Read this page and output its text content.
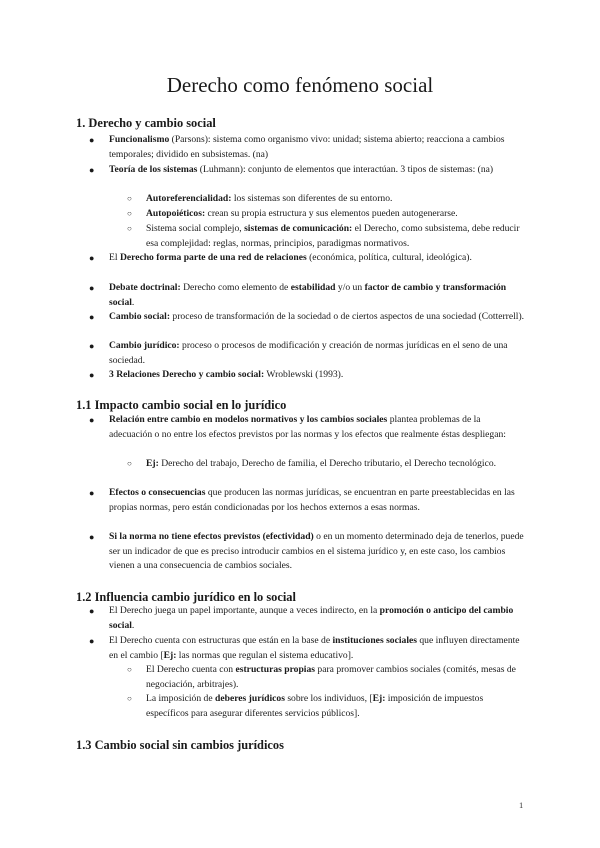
Derecho como fenómeno social
1. Derecho y cambio social

● Funcionalismo (Parsons): sistema como organismo vivo: unidad; sistema abierto; reacciona a cambios temporales; dividido en subsistemas. (na)

● Teoría de los sistemas (Luhmann): conjunto de elementos que interactúan. 3 tipos de sistemas: (na)

○ Autoreferencialidad: los sistemas son diferentes de su entorno.

○ Autopoiéticos: crean su propia estructura y sus elementos pueden autogenerarse.

○ Sistema social complejo, sistemas de comunicación: el Derecho, como subsistema, debe reducir esa complejidad: reglas, normas, principios, paradigmas normativos.

● El Derecho forma parte de una red de relaciones (económica, política, cultural, ideológica).

● Debate doctrinal: Derecho como elemento de estabilidad y/o un factor de cambio y transformación social.

● Cambio social: proceso de transformación de la sociedad o de ciertos aspectos de una sociedad (Cotterrell).

● Cambio jurídico: proceso o procesos de modificación y creación de normas jurídicas en el seno de una sociedad.

● 3 Relaciones Derecho y cambio social: Wroblewski (1993).

1.1 Impacto cambio social en lo jurídico

● Relación entre cambio en modelos normativos y los cambios sociales plantea problemas de la adecuación o no entre los efectos previstos por las normas y los efectos que realmente éstas despliegan:

○ Ej: Derecho del trabajo, Derecho de familia, el Derecho tributario, el Derecho tecnológico.

● Efectos o consecuencias que producen las normas jurídicas, se encuentran en parte preestablecidas en las propias normas, pero están condicionadas por los hechos externos a esas normas.

● Si la norma no tiene efectos previstos (efectividad) o en un momento determinado deja de tenerlos, puede ser un indicador de que es preciso introducir cambios en el sistema jurídico y, en este caso, los cambios vienen a una consecuencia de cambios sociales.

1.2 Influencia cambio jurídico en lo social

● El Derecho juega un papel importante, aunque a veces indirecto, en la promoción o anticipo del cambio social.

● El Derecho cuenta con estructuras que están en la base de instituciones sociales que influyen directamente en el cambio [Ej: las normas que regulan el sistema educativo].

○ El Derecho cuenta con estructuras propias para promover cambios sociales (comités, mesas de negociación, arbitrajes).

○ La imposición de deberes jurídicos sobre los individuos, [Ej: imposición de impuestos específicos para asegurar diferentes servicios públicos].

1.3 Cambio social sin cambios jurídicos
1
